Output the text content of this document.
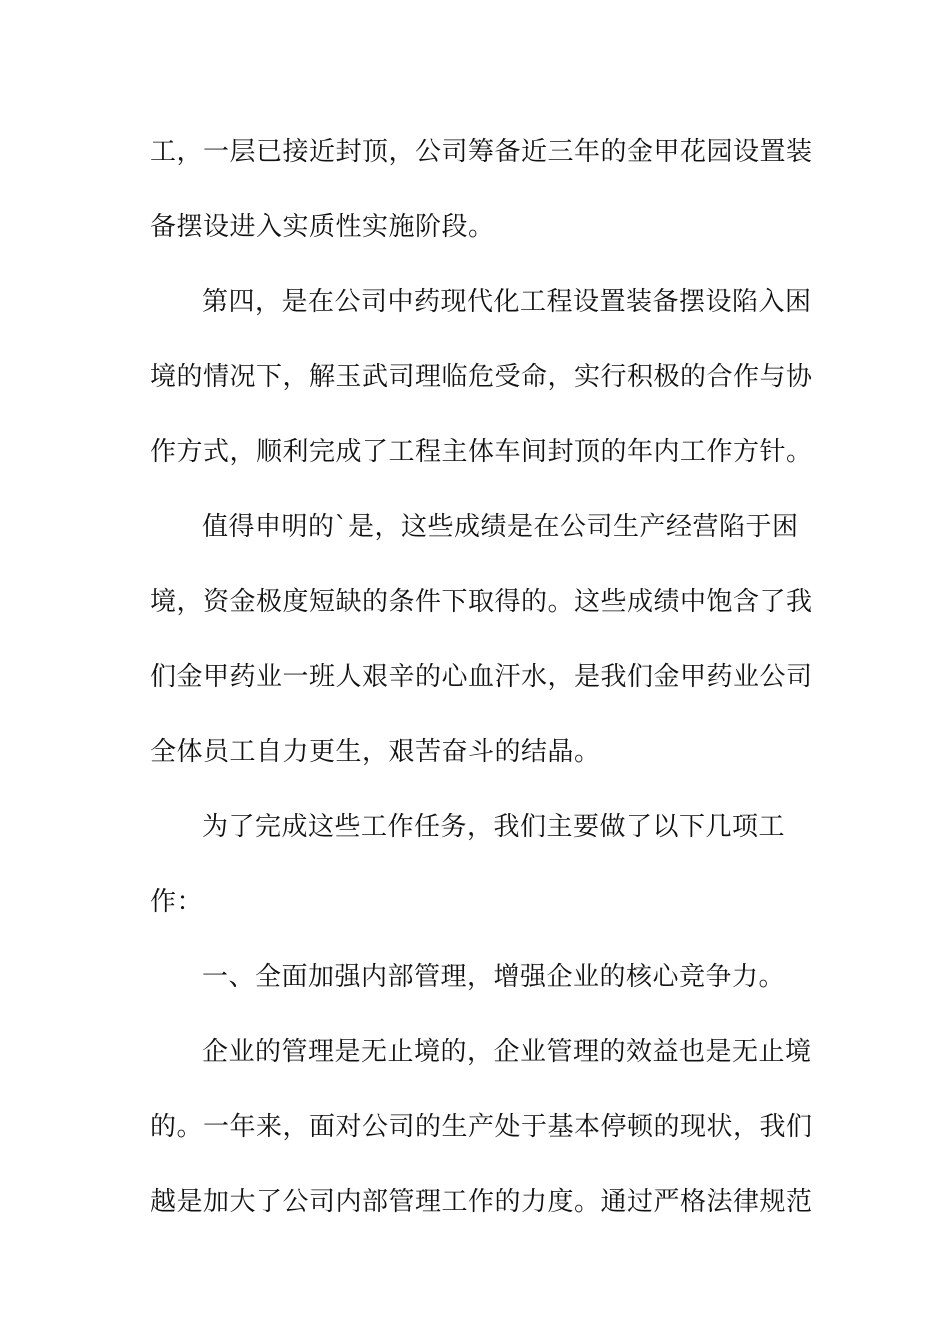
工，一层已接近封顶，公司筹备近三年的金甲花园设置装
备摆设进入实质性实施阶段。
第四，是在公司中药现代化工程设置装备摆设陷入困
境的情况下，解玉武司理临危受命，实行积极的合作与协
作方式，顺利完成了工程主体车间封顶的年内工作方针。
值得申明的`是，这些成绩是在公司生产经营陷于困
境，资金极度短缺的条件下取得的。这些成绩中饱含了我
们金甲药业一班人艰辛的心血汗水，是我们金甲药业公司
全体员工自力更生，艰苦奋斗的结晶。
为了完成这些工作任务，我们主要做了以下几项工
作：
一、全面加强内部管理，增强企业的核心竞争力。
企业的管理是无止境的，企业管理的效益也是无止境
的。一年来，面对公司的生产处于基本停顿的现状，我们
越是加大了公司内部管理工作的力度。通过严格法律规范
